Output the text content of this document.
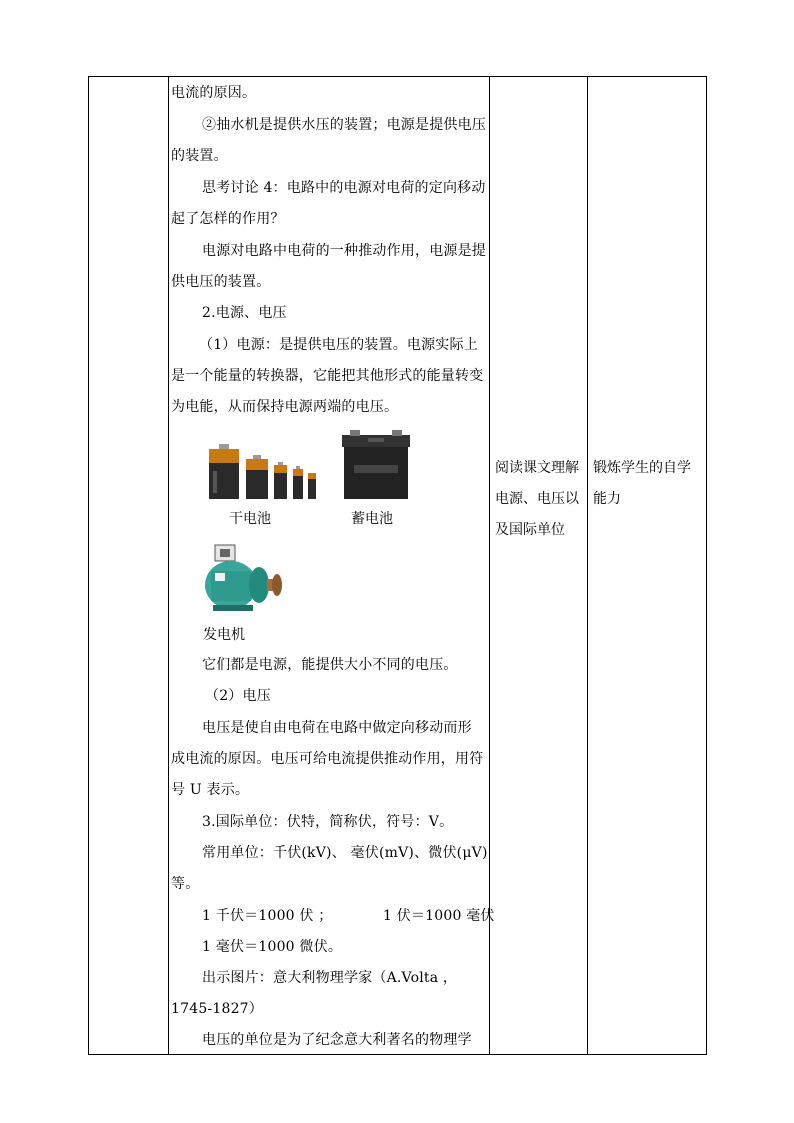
电流的原因。
②抽水机是提供水压的装置；电源是提供电压
的装置。
思考讨论 4：电路中的电源对电荷的定向移动
起了怎样的作用？
电源对电路中电荷的一种推动作用，电源是提
供电压的装置。
2.电源、电压
（1）电源：是提供电压的装置。电源实际上
是一个能量的转换器，它能把其他形式的能量转变
为电能，从而保持电源两端的电压。
干电池	蓄电池
发电机
它们都是电源，能提供大小不同的电压。
（2）电压
电压是使自由电荷在电路中做定向移动而形
成电流的原因。电压可给电流提供推动作用，用符
号 U 表示。
3.国际单位：伏特，简称伏，符号：V。
常用单位：千伏(kV)、 毫伏(mV)、微伏(μV)
等。
1 千伏＝1000 伏 ；	1 伏＝1000 毫伏
1 毫伏＝1000 微伏。
出示图片：意大利物理学家（A.Volta ，
1745-1827）
电压的单位是为了纪念意大利著名的物理学
阅读课文理解
电源、电压以
及国际单位
锻炼学生的自学
能力
